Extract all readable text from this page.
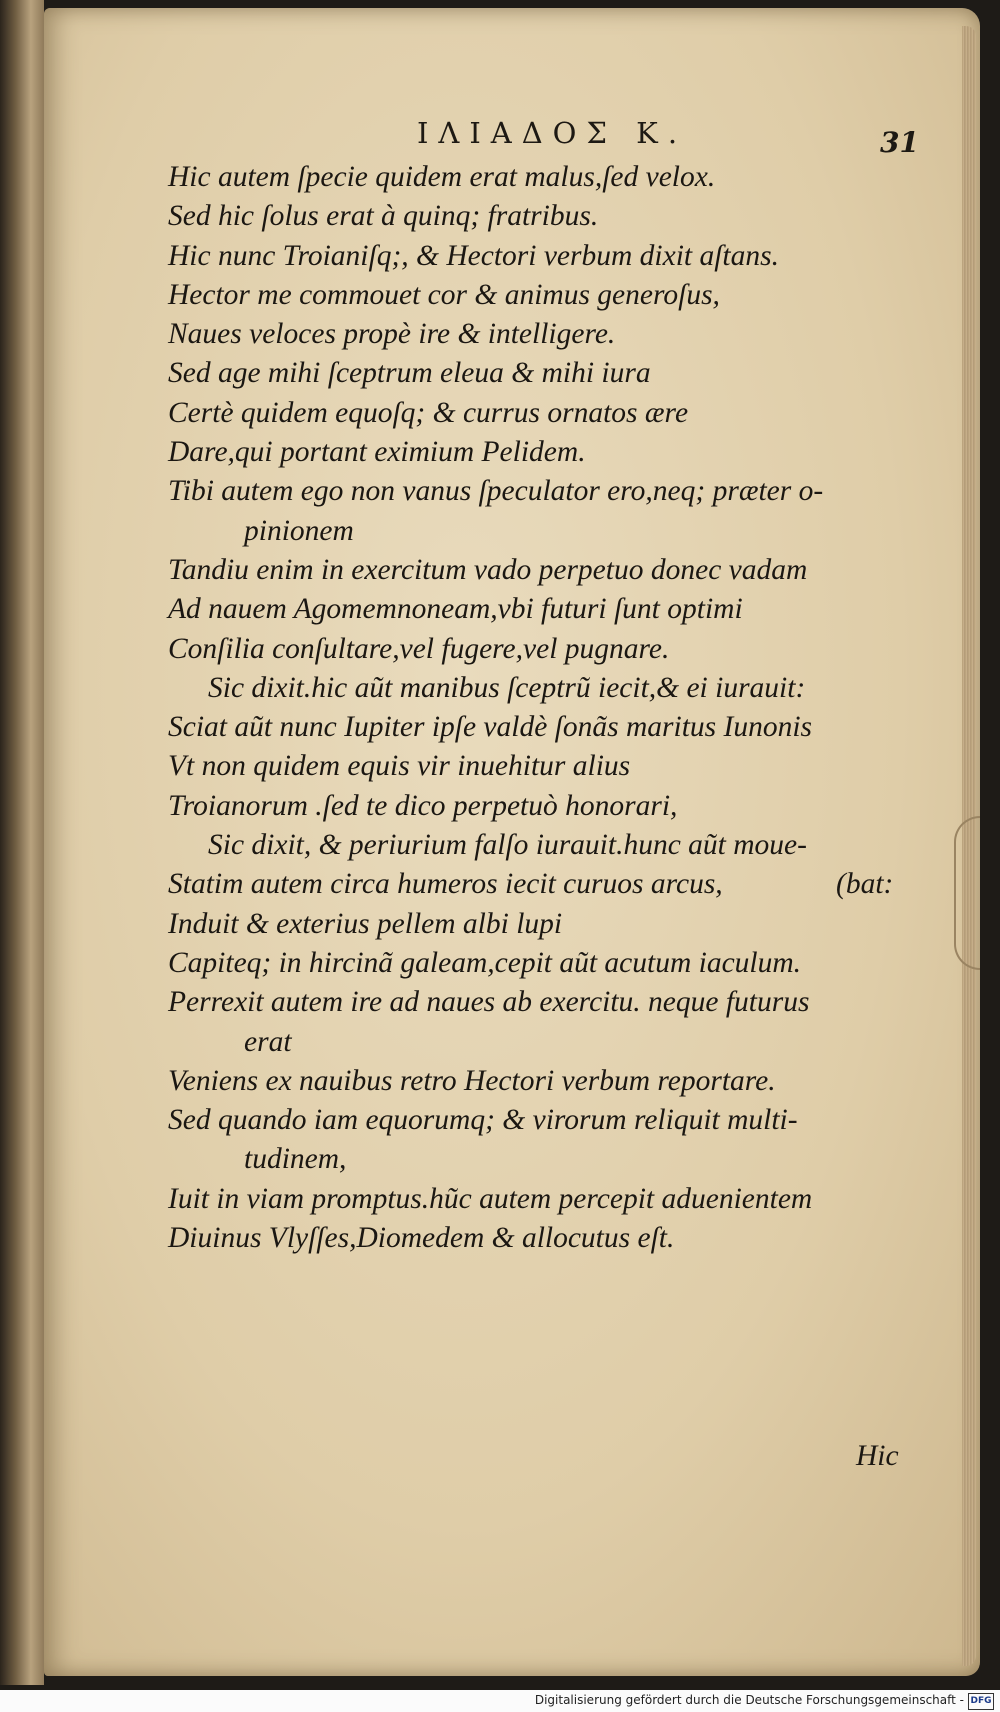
ΙΛΙΑΔΟΣ Κ.	31
Hic autem ſpecie quidem erat malus,ſed velox.
Sed hic ſolus erat à quinq; fratribus.
Hic nunc Troianiſq;, & Hectori verbum dixit aſtans.
Hector me commouet cor & animus generoſus,
Naues veloces propè ire & intelligere.
Sed age mihi ſceptrum eleua & mihi iura
Certè quidem equoſq; & currus ornatos ære
Dare,qui portant eximium Pelidem.
Tibi autem ego non vanus ſpeculator ero,neq; præter o-
pinionem
Tandiu enim in exercitum vado perpetuo donec vadam
Ad nauem Agomemnoneam,vbi futuri ſunt optimi
Conſilia conſultare,vel fugere,vel pugnare.
Sic dixit.hic aũt manibus ſceptrũ iecit,& ei iurauit:
Sciat aũt nunc Iupiter ipſe valdè ſonãs maritus Iunonis
Vt non quidem equis vir inuehitur alius
Troianorum .ſed te dico perpetuò honorari,
Sic dixit, & periurium falſo iurauit.hunc aũt moue-
Statim autem circa humeros iecit curuos arcus,	(bat:
Induit & exterius pellem albi lupi
Capiteq; in hircinã galeam,cepit aũt acutum iaculum.
Perrexit autem ire ad naues ab exercitu. neque futurus
erat
Veniens ex nauibus retro Hectori verbum reportare.
Sed quando iam equorumq; & virorum reliquit multi-
tudinem,
Iuit in viam promptus.hũc autem percepit aduenientem
Diuinus Vlyſſes,Diomedem & allocutus eſt.
Hic
Digitalisierung gefördert durch die Deutsche Forschungsgemeinschaft - DFG
